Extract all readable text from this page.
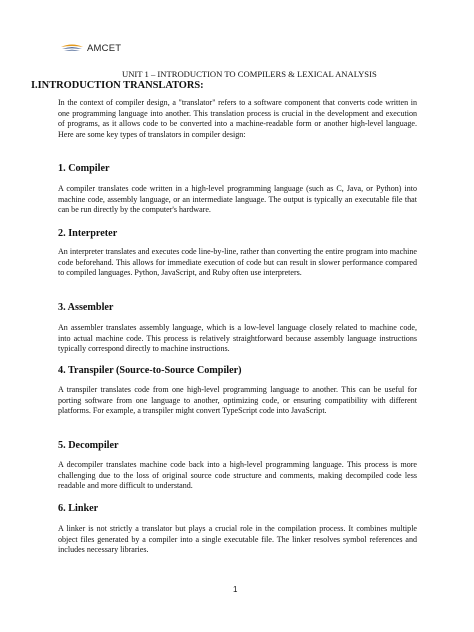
AMCET
UNIT 1 – INTRODUCTION TO COMPILERS & LEXICAL ANALYSIS
I.INTRODUCTION TRANSLATORS:

In the context of compiler design, a "translator" refers to a software component that converts code written in one programming language into another. This translation process is crucial in the development and execution of programs, as it allows code to be converted into a machine-readable form or another high-level language. Here are some key types of translators in compiler design:

1. Compiler

A compiler translates code written in a high-level programming language (such as C, Java, or Python) into machine code, assembly language, or an intermediate language. The output is typically an executable file that can be run directly by the computer's hardware.

2. Interpreter

An interpreter translates and executes code line-by-line, rather than converting the entire program into machine code beforehand. This allows for immediate execution of code but can result in slower performance compared to compiled languages. Python, JavaScript, and Ruby often use interpreters.

3. Assembler

An assembler translates assembly language, which is a low-level language closely related to machine code, into actual machine code. This process is relatively straightforward because assembly language instructions typically correspond directly to machine instructions.

4. Transpiler (Source-to-Source Compiler)

A transpiler translates code from one high-level programming language to another. This can be useful for porting software from one language to another, optimizing code, or ensuring compatibility with different platforms. For example, a transpiler might convert TypeScript code into JavaScript.

5. Decompiler

A decompiler translates machine code back into a high-level programming language. This process is more challenging due to the loss of original source code structure and comments, making decompiled code less readable and more difficult to understand.

6. Linker

A linker is not strictly a translator but plays a crucial role in the compilation process. It combines multiple object files generated by a compiler into a single executable file. The linker resolves symbol references and includes necessary libraries.

1
